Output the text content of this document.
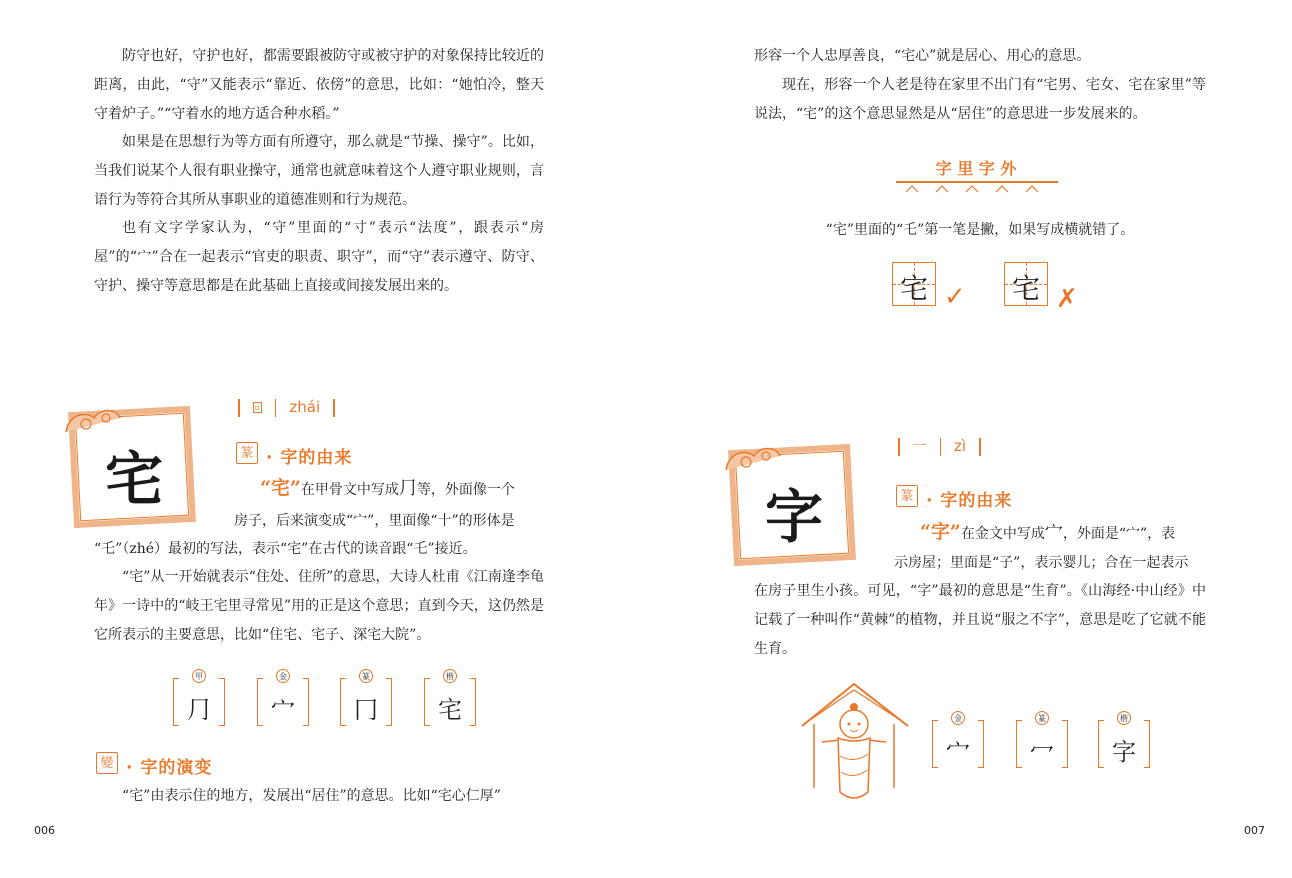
防守也好，守护也好，都需要跟被防守或被守护的对象保持比较近的距离，由此，“守”又能表示“靠近、依傍”的意思，比如：“她怕冷，整天守着炉子。”“守着水的地方适合种水稻。”

如果是在思想行为等方面有所遵守，那么就是“节操、操守”。比如，当我们说某个人很有职业操守，通常也就意味着这个人遵守职业规则，言语行为等符合其所从事职业的道德准则和行为规范。

也有文字学家认为，“守”里面的“寸”表示“法度”，跟表示“房屋”的“宀”合在一起表示“官吏的职责、职守”，而“守”表示遵守、防守、守护、操守等意思都是在此基础上直接或间接发展出来的。

宅
▫ zhái
篆 · 字的由来
“宅”在甲骨文中写成⺆等，外面像一个

房子，后来演变成“宀”，里面像“十”的形体是

“乇”（zhé）最初的写法，表示“宅”在古代的读音跟“乇”接近。

“宅”从一开始就表示“住处、住所”的意思，大诗人杜甫《江南逢李龟年》一诗中的“岐王宅里寻常见”用的正是这个意思；直到今天，这仍然是它所表示的主要意思，比如“住宅、宅子、深宅大院”。

甲
⺆
金
宀
篆
冂
楷
宅
變 · 字的演变

“宅”由表示住的地方，发展出“居住”的意思。比如“宅心仁厚”

006

形容一个人忠厚善良，“宅心”就是居心、用心的意思。

现在，形容一个人老是待在家里不出门有“宅男、宅女、宅在家里”等说法，“宅”的这个意思显然是从“居住”的意思进一步发展来的。

字 里 字 外
“宅”里面的“乇”第一笔是撇，如果写成横就错了。
宅 ✓ 宅 ✗
字
一 zì
篆 · 字的由来
“字”在金文中写成宀，外面是“宀”，表

示房屋；里面是“子”，表示婴儿；合在一起表示

在房子里生小孩。可见，“字”最初的意思是“生育”。《山海经·中山经》中记载了一种叫作“黄棘”的植物，并且说“服之不字”，意思是吃了它就不能生育。

金
宀
篆
冖
楷
字
007
